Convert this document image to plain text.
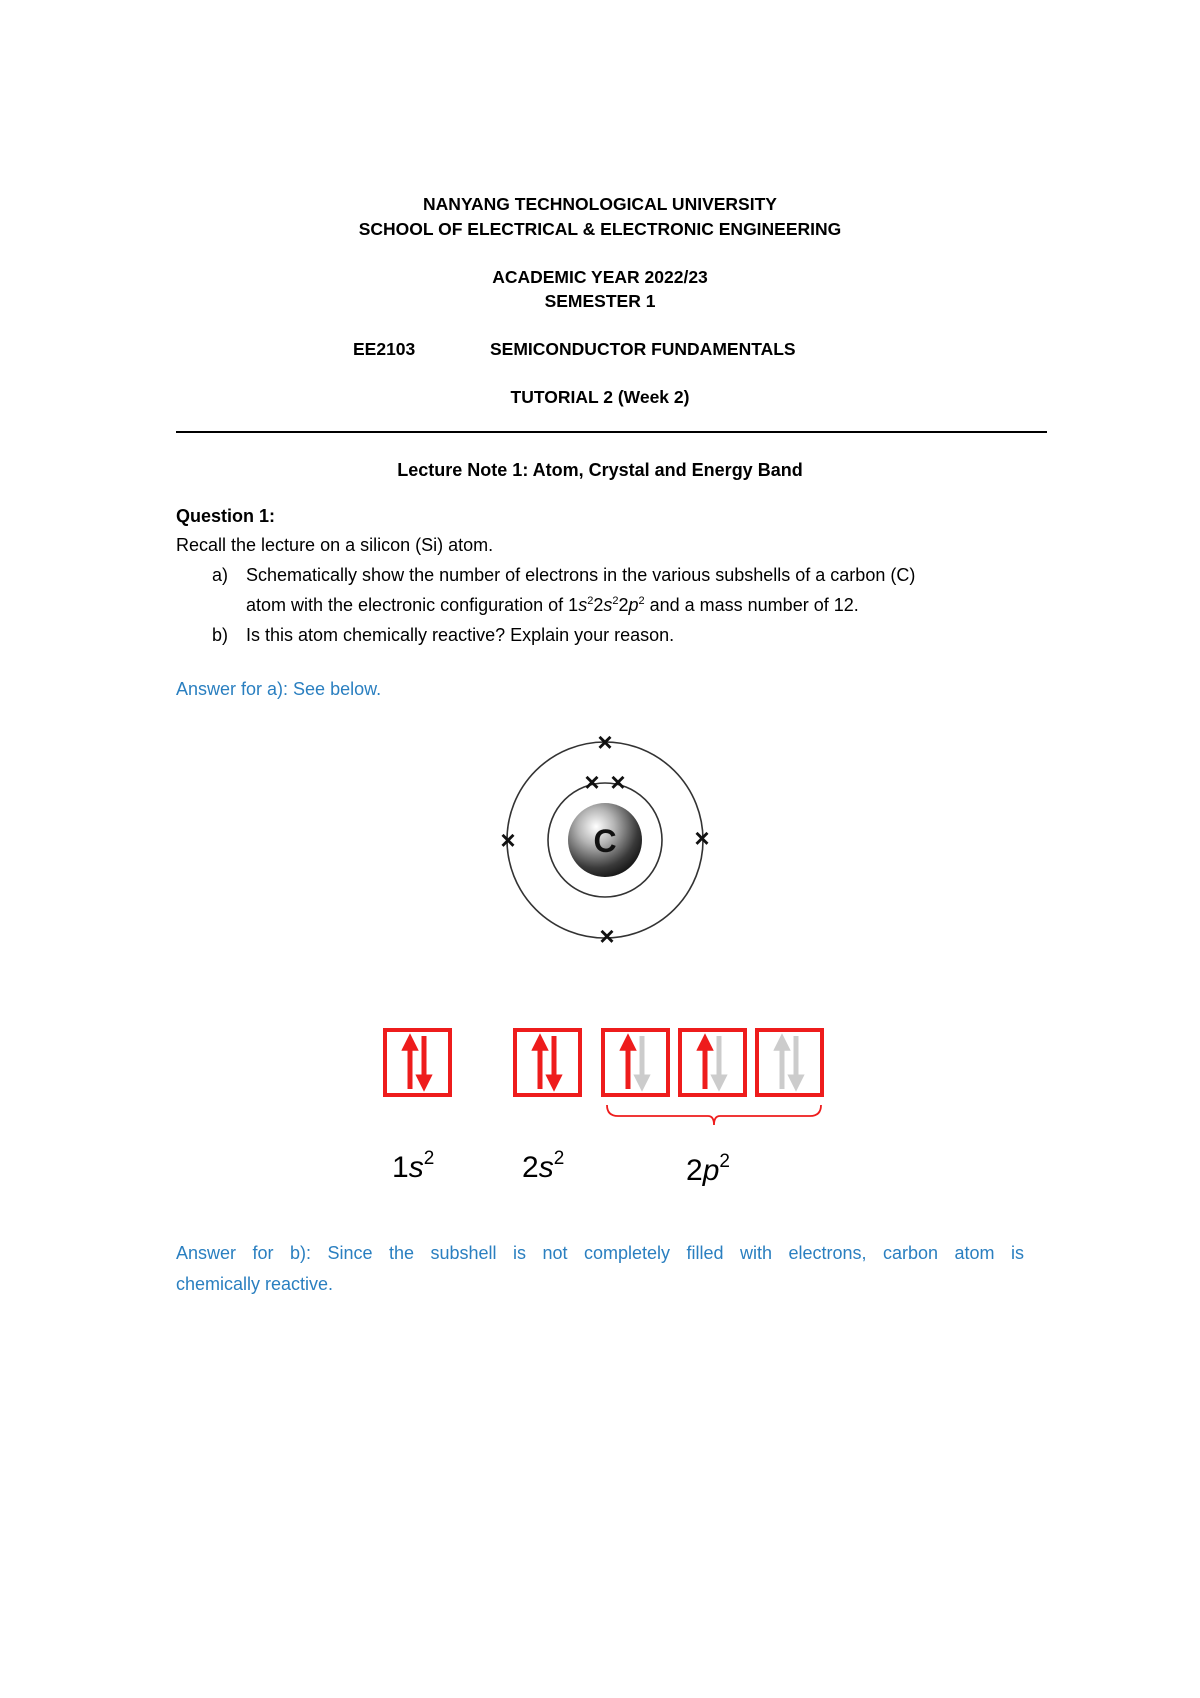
NANYANG TECHNOLOGICAL UNIVERSITY
SCHOOL OF ELECTRICAL & ELECTRONIC ENGINEERING
ACADEMIC YEAR 2022/23
SEMESTER 1
EE2103	SEMICONDUCTOR FUNDAMENTALS
TUTORIAL 2 (Week 2)
Lecture Note 1: Atom, Crystal and Energy Band
Question 1:
Recall the lecture on a silicon (Si) atom.
a) Schematically show the number of electrons in the various subshells of a carbon (C)
atom with the electronic configuration of $1s^22s^22p^2$ and a mass number of 12.
b) Is this atom chemically reactive? Explain your reason.
Answer for a): See below.
C
×
× ×
×	×
×
$1s^2$	$2s^2$	$2p^2$
Answer for b): Since the subshell is not completely filled with electrons, carbon atom is
chemically reactive.
